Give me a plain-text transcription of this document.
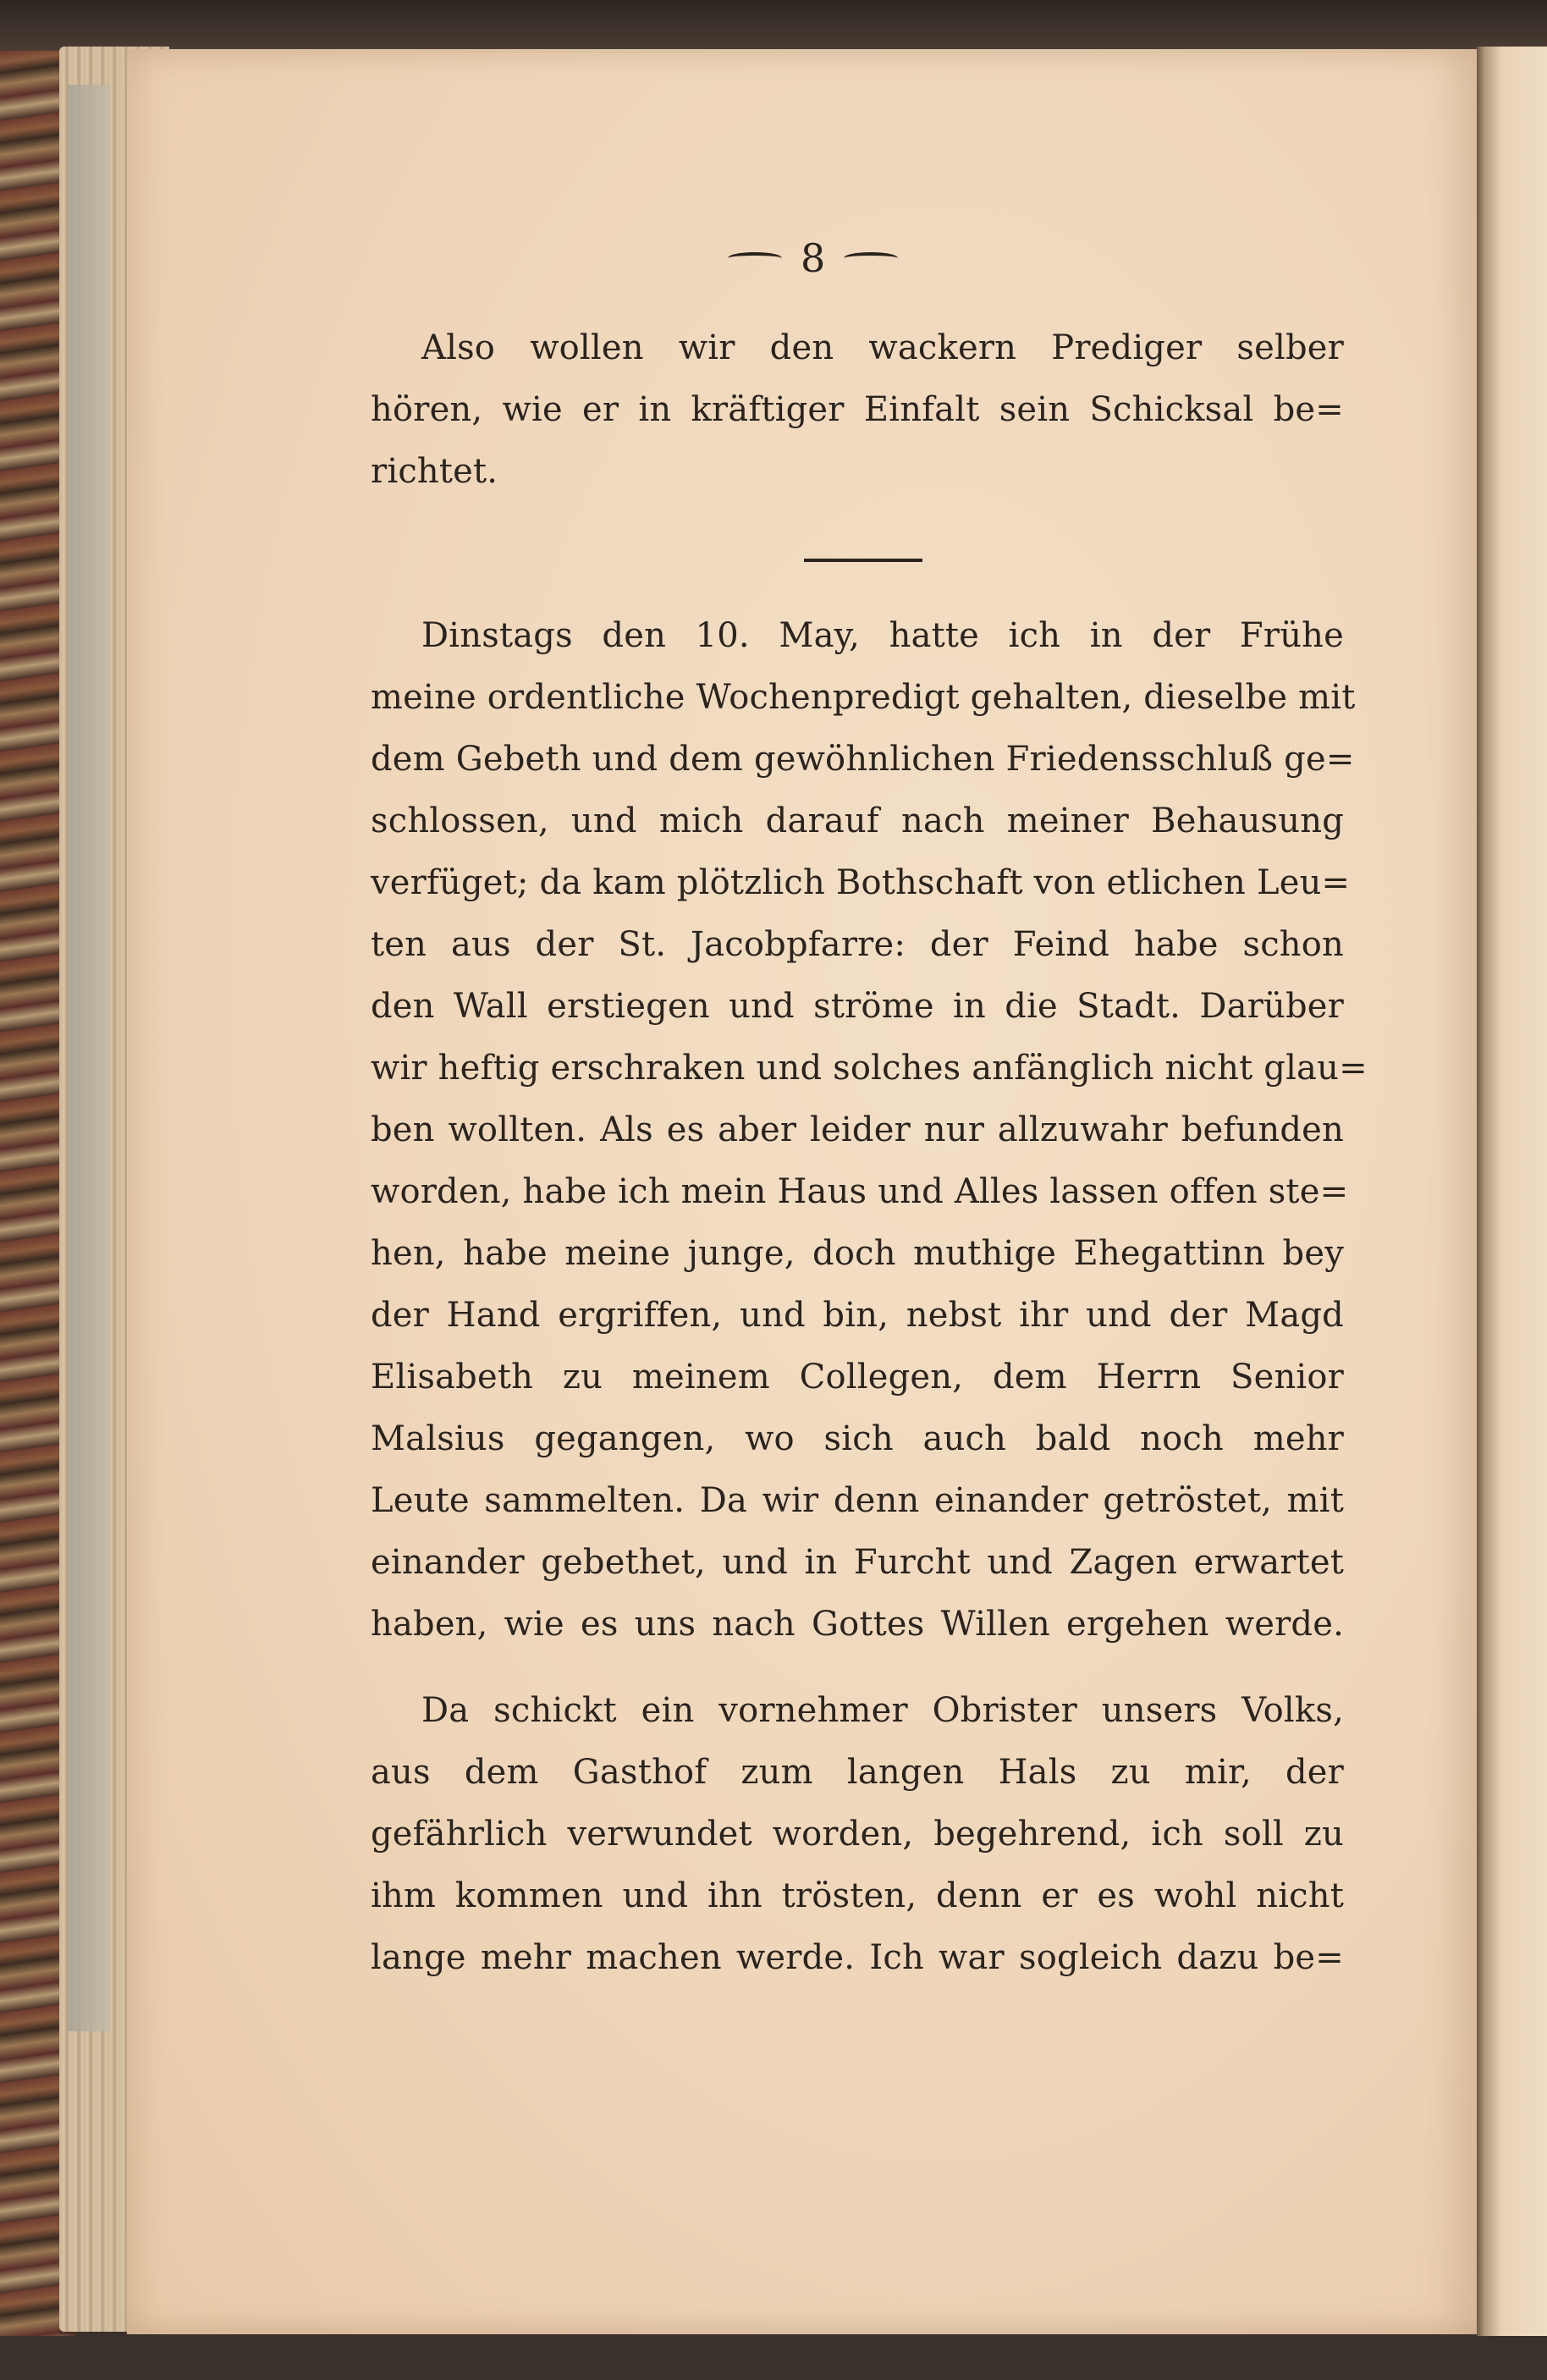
8
Also wollen wir den wackern Prediger selber
hören, wie er in kräftiger Einfalt sein Schicksal be=
richtet.
Dinstags den 10. May, hatte ich in der Frühe
meine ordentliche Wochenpredigt gehalten, dieselbe mit
dem Gebeth und dem gewöhnlichen Friedensschluß ge=
schlossen, und mich darauf nach meiner Behausung
verfüget; da kam plötzlich Bothschaft von etlichen Leu=
ten aus der St. Jacobpfarre: der Feind habe schon
den Wall erstiegen und ströme in die Stadt. Darüber
wir heftig erschraken und solches anfänglich nicht glau=
ben wollten. Als es aber leider nur allzuwahr befunden
worden, habe ich mein Haus und Alles lassen offen ste=
hen, habe meine junge, doch muthige Ehegattinn bey
der Hand ergriffen, und bin, nebst ihr und der Magd
Elisabeth zu meinem Collegen, dem Herrn Senior
Malsius gegangen, wo sich auch bald noch mehr
Leute sammelten. Da wir denn einander getröstet, mit
einander gebethet, und in Furcht und Zagen erwartet
haben, wie es uns nach Gottes Willen ergehen werde.
Da schickt ein vornehmer Obrister unsers Volks,
aus dem Gasthof zum langen Hals zu mir, der
gefährlich verwundet worden, begehrend, ich soll zu
ihm kommen und ihn trösten, denn er es wohl nicht
lange mehr machen werde. Ich war sogleich dazu be=
